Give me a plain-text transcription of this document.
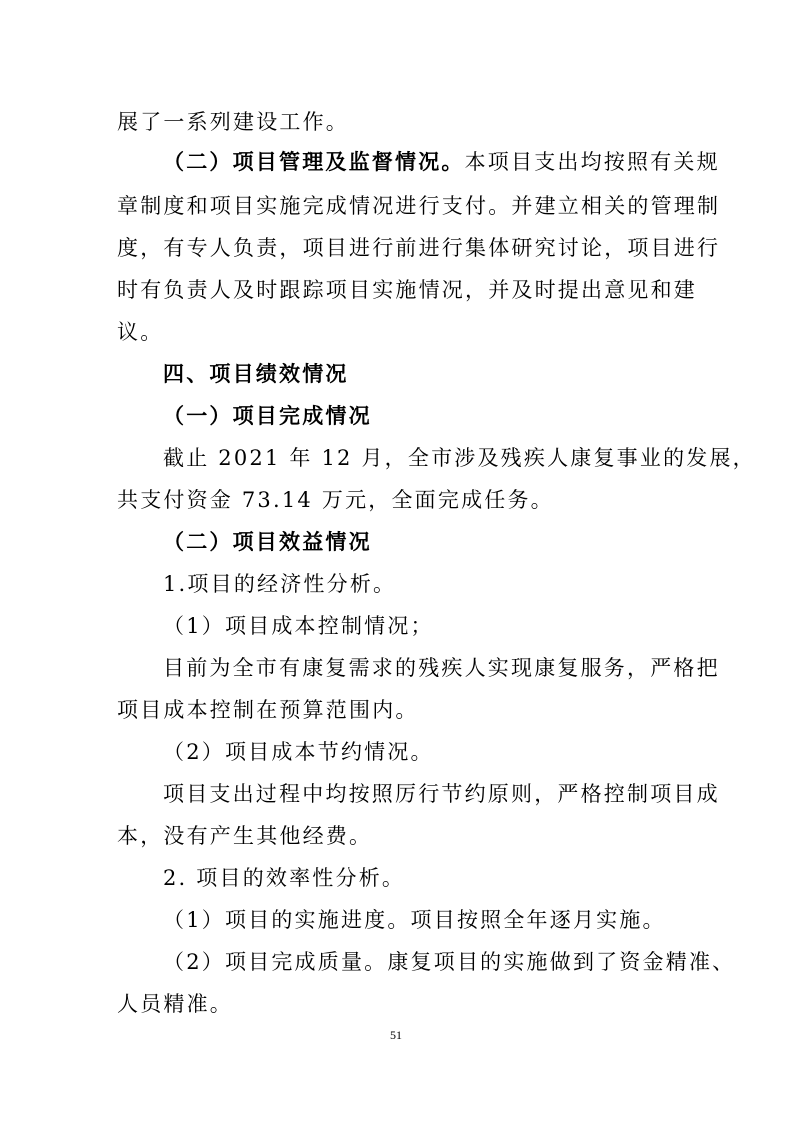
展了一系列建设工作。
（二）项目管理及监督情况。本项目支出均按照有关规
章制度和项目实施完成情况进行支付。并建立相关的管理制
度，有专人负责，项目进行前进行集体研究讨论，项目进行
时有负责人及时跟踪项目实施情况，并及时提出意见和建
议。
四、项目绩效情况
（一）项目完成情况
截止 2021 年 12 月，全市涉及残疾人康复事业的发展，
共支付资金 73.14 万元，全面完成任务。
（二）项目效益情况
1.项目的经济性分析。
（1）项目成本控制情况；
目前为全市有康复需求的残疾人实现康复服务，严格把
项目成本控制在预算范围内。
（2）项目成本节约情况。
项目支出过程中均按照厉行节约原则，严格控制项目成
本，没有产生其他经费。
2. 项目的效率性分析。
（1）项目的实施进度。项目按照全年逐月实施。
（2）项目完成质量。康复项目的实施做到了资金精准、
人员精准。
51
